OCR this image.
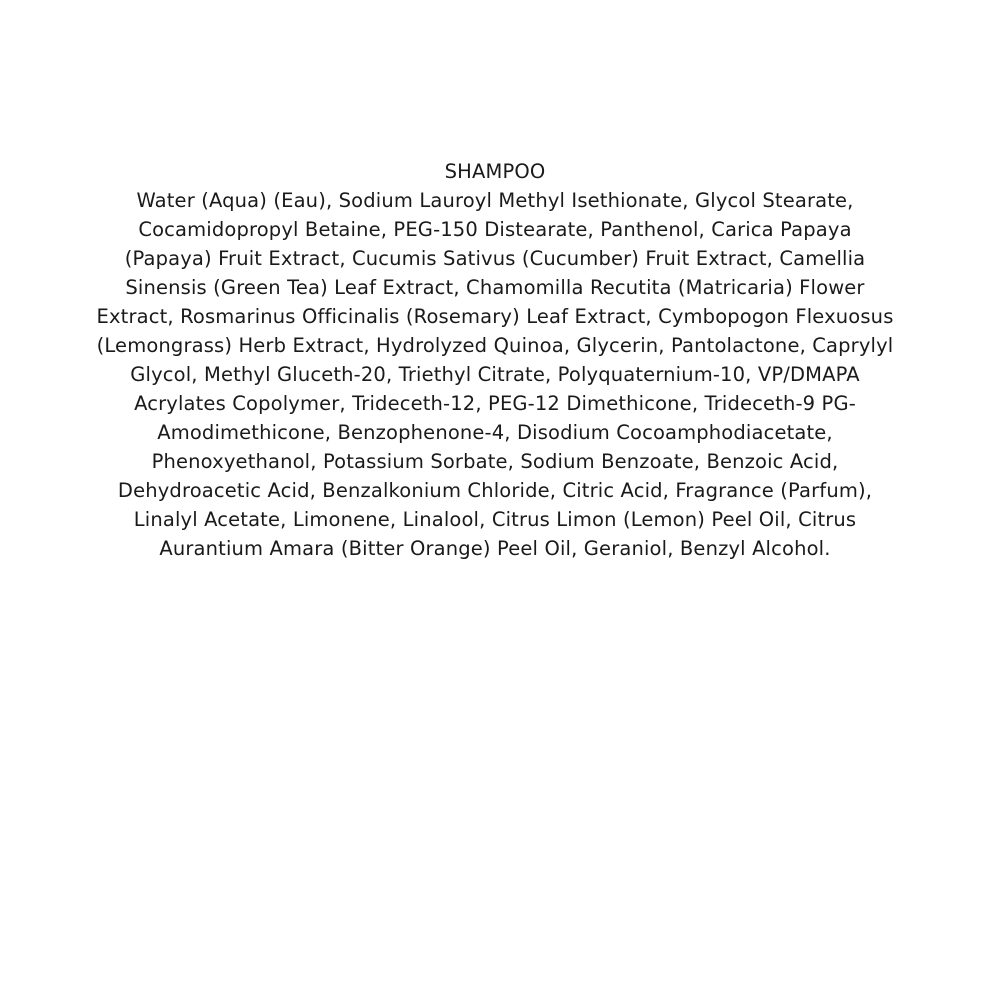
SHAMPOO

Water (Aqua) (Eau), Sodium Lauroyl Methyl Isethionate, Glycol Stearate, Cocamidopropyl Betaine, PEG-150 Distearate, Panthenol, Carica Papaya (Papaya) Fruit Extract, Cucumis Sativus (Cucumber) Fruit Extract, Camellia Sinensis (Green Tea) Leaf Extract, Chamomilla Recutita (Matricaria) Flower Extract, Rosmarinus Officinalis (Rosemary) Leaf Extract, Cymbopogon Flexuosus (Lemongrass) Herb Extract, Hydrolyzed Quinoa, Glycerin, Pantolactone, Caprylyl Glycol, Methyl Gluceth-20, Triethyl Citrate, Polyquaternium-10, VP/DMAPA Acrylates Copolymer, Trideceth-12, PEG-12 Dimethicone, Trideceth-9 PG-Amodimethicone, Benzophenone-4, Disodium Cocoamphodiacetate, Phenoxyethanol, Potassium Sorbate, Sodium Benzoate, Benzoic Acid, Dehydroacetic Acid, Benzalkonium Chloride, Citric Acid, Fragrance (Parfum), Linalyl Acetate, Limonene, Linalool, Citrus Limon (Lemon) Peel Oil, Citrus Aurantium Amara (Bitter Orange) Peel Oil, Geraniol, Benzyl Alcohol.
